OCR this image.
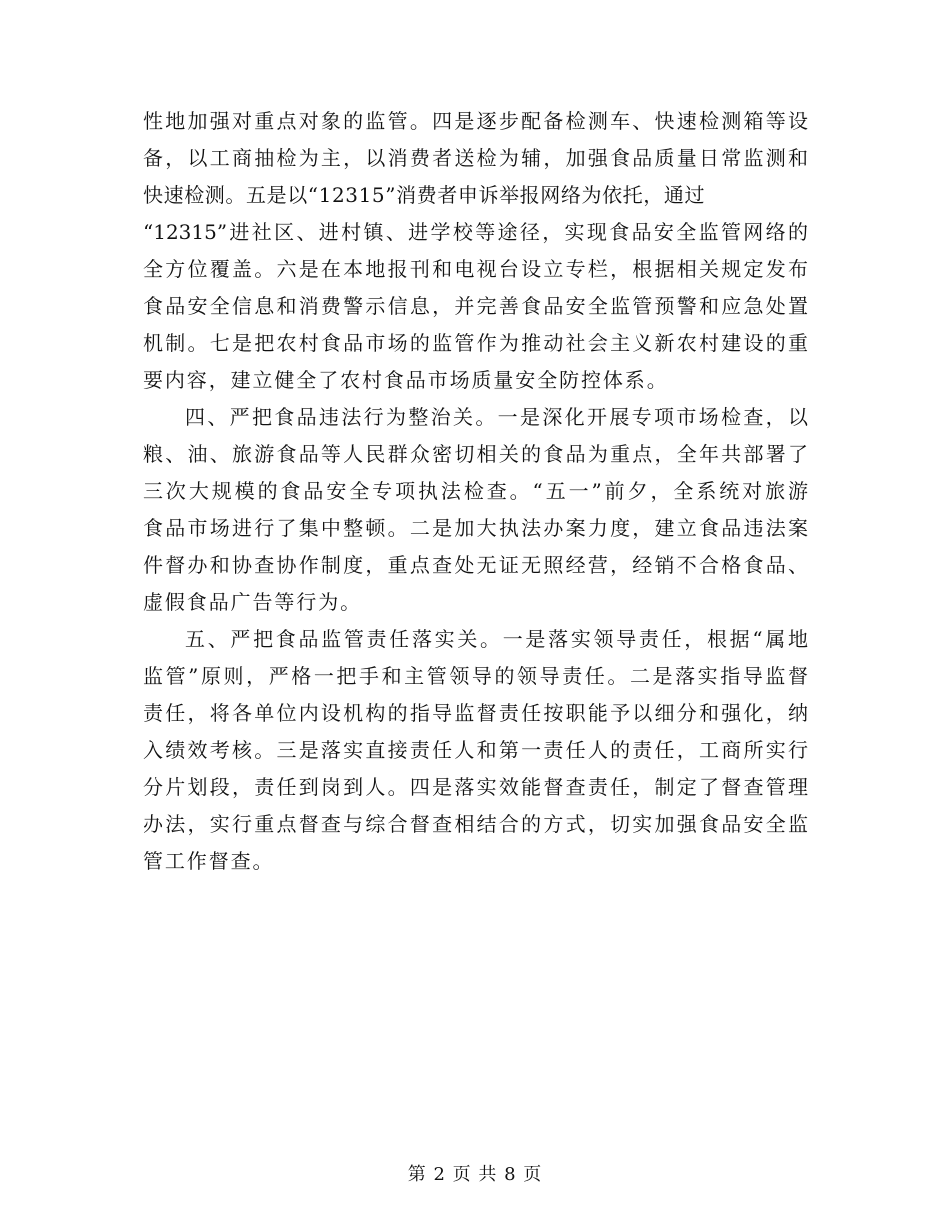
性地加强对重点对象的监管。四是逐步配备检测车、快速检测箱等设
备，以工商抽检为主，以消费者送检为辅，加强食品质量日常监测和
快速检测。五是以“12315”消费者申诉举报网络为依托，通过
“12315”进社区、进村镇、进学校等途径，实现食品安全监管网络的
全方位覆盖。六是在本地报刊和电视台设立专栏，根据相关规定发布
食品安全信息和消费警示信息，并完善食品安全监管预警和应急处置
机制。七是把农村食品市场的监管作为推动社会主义新农村建设的重
要内容，建立健全了农村食品市场质量安全防控体系。
四、严把食品违法行为整治关。一是深化开展专项市场检查，以
粮、油、旅游食品等人民群众密切相关的食品为重点，全年共部署了
三次大规模的食品安全专项执法检查。“五一”前夕，全系统对旅游
食品市场进行了集中整顿。二是加大执法办案力度，建立食品违法案
件督办和协查协作制度，重点查处无证无照经营，经销不合格食品、
虚假食品广告等行为。
五、严把食品监管责任落实关。一是落实领导责任，根据“属地
监管”原则，严格一把手和主管领导的领导责任。二是落实指导监督
责任，将各单位内设机构的指导监督责任按职能予以细分和强化，纳
入绩效考核。三是落实直接责任人和第一责任人的责任，工商所实行
分片划段，责任到岗到人。四是落实效能督查责任，制定了督查管理
办法，实行重点督查与综合督查相结合的方式，切实加强食品安全监
管工作督查。
第 2 页 共 8 页
